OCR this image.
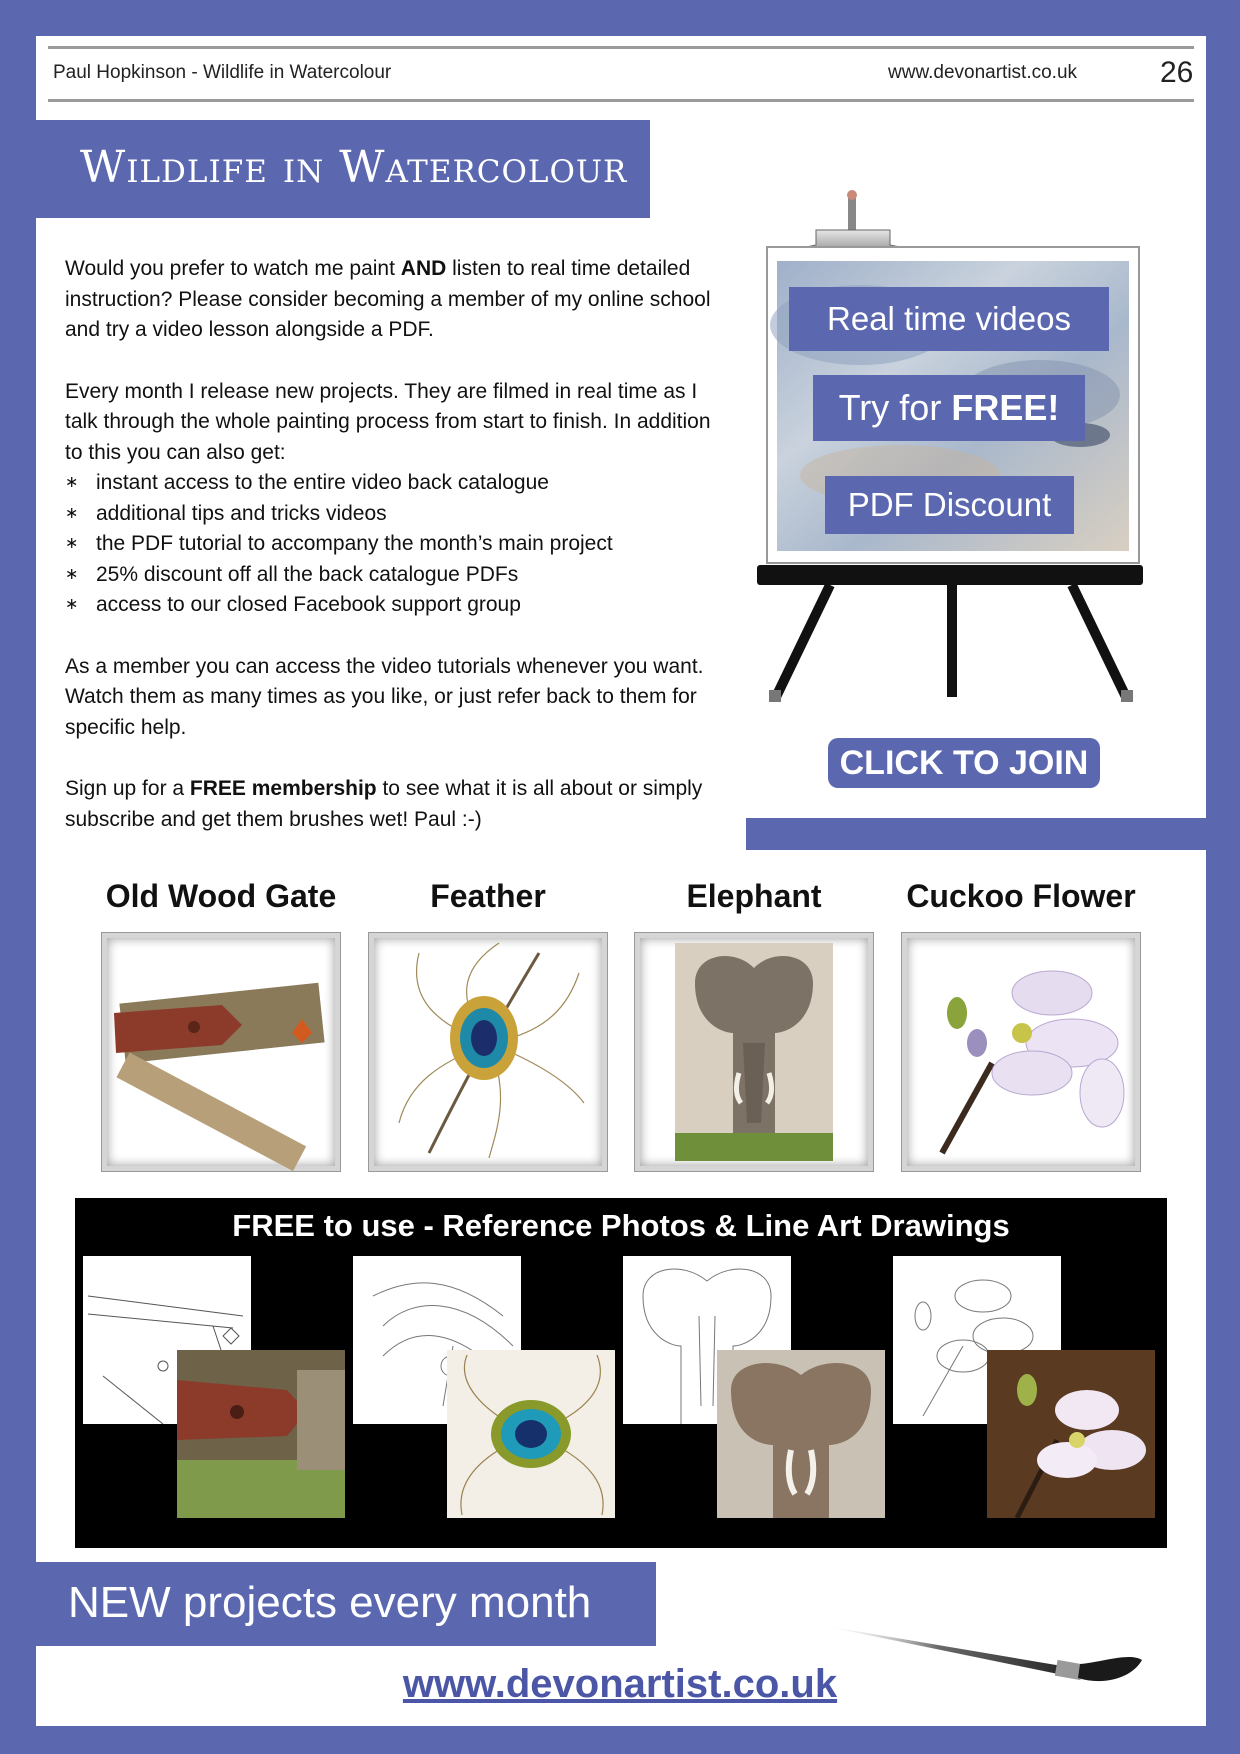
Paul Hopkinson - Wildlife in Watercolour	www.devonartist.co.uk	26
Wildlife in Watercolour

Would you prefer to watch me paint AND listen to real time detailed instruction? Please consider becoming a member of my online school and try a video lesson alongside a PDF.

Every month I release new projects. They are filmed in real time as I talk through the whole painting process from start to finish. In addition to this you can also get:

∗ instant access to the entire video back catalogue
∗ additional tips and tricks videos
∗ the PDF tutorial to accompany the month’s main project
∗ 25% discount off all the back catalogue PDFs
∗ access to our closed Facebook support group

As a member you can access the video tutorials whenever you want. Watch them as many times as you like, or just refer back to them for specific help.

Sign up for a FREE membership to see what it is all about or simply subscribe and get them brushes wet! Paul :-)

Real time videos
Try for FREE!
PDF Discount
CLICK TO JOIN
Old Wood Gate	Feather	Elephant	Cuckoo Flower
FREE to use - Reference Photos & Line Art Drawings
NEW projects every month
www.devonartist.co.uk
